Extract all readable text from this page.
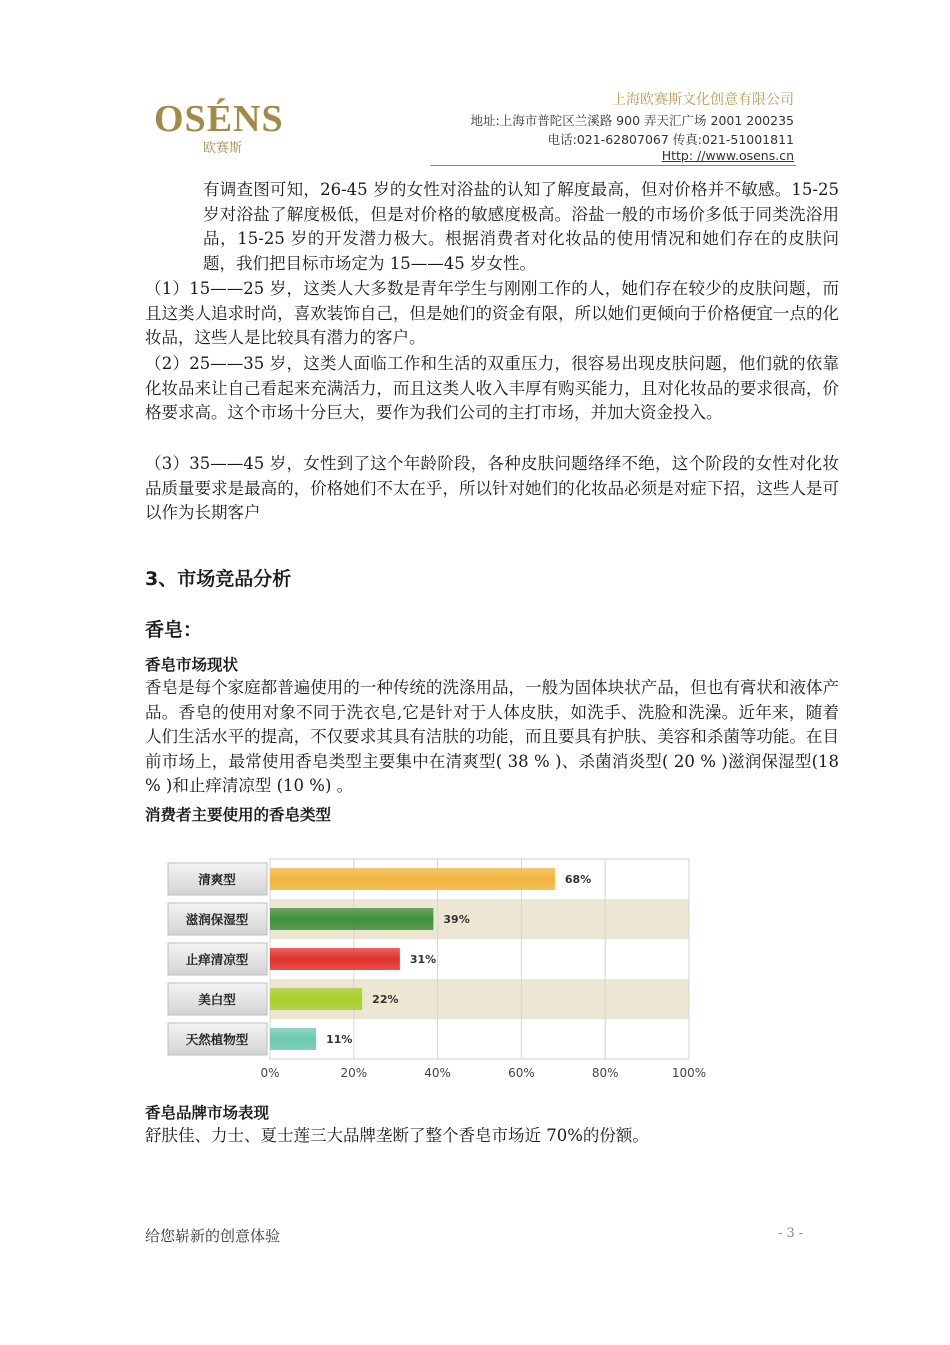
OSÉNS
欧赛斯
上海欧赛斯文化创意有限公司
地址:上海市普陀区兰溪路 900 弄天汇广场 2001 200235
电话:021-62807067 传真:021-51001811
Http: //www.osens.cn
有调查图可知，26-45 岁的女性对浴盐的认知了解度最高，但对价格并不敏感。15-25 岁对浴盐了解度极低，但是对价格的敏感度极高。浴盐一般的市场价多低于同类洗浴用品，15-25 岁的开发潜力极大。根据消费者对化妆品的使用情况和她们存在的皮肤问题，我们把目标市场定为 15——45 岁女性。
（1）15——25 岁，这类人大多数是青年学生与刚刚工作的人，她们存在较少的皮肤问题，而且这类人追求时尚，喜欢装饰自己，但是她们的资金有限，所以她们更倾向于价格便宜一点的化妆品，这些人是比较具有潜力的客户。
（2）25——35 岁，这类人面临工作和生活的双重压力，很容易出现皮肤问题，他们就的依靠化妆品来让自己看起来充满活力，而且这类人收入丰厚有购买能力，且对化妆品的要求很高，价格要求高。这个市场十分巨大，要作为我们公司的主打市场，并加大资金投入。
（3）35——45 岁，女性到了这个年龄阶段，各种皮肤问题络绎不绝，这个阶段的女性对化妆品质量要求是最高的，价格她们不太在乎，所以针对她们的化妆品必须是对症下招，这些人是可以作为长期客户
3、市场竞品分析
香皂：
香皂市场现状
香皂是每个家庭都普遍使用的一种传统的洗涤用品，一般为固体块状产品，但也有膏状和液体产品。香皂的使用对象不同于洗衣皂,它是针对于人体皮肤，如洗手、洗脸和洗澡。近年来，随着人们生活水平的提高，不仅要求其具有洁肤的功能，而且要具有护肤、美容和杀菌等功能。在目前市场上，最常使用香皂类型主要集中在清爽型( 38 % )、杀菌消炎型( 20 % )滋润保湿型(18 % )和止痒清凉型 (10 %) 。
消费者主要使用的香皂类型
68%
39%
31%
22%
11%
清爽型
滋润保湿型
止痒清凉型
美白型
天然植物型
0%	20%	40%	60%	80%	100%
香皂品牌市场表现
舒肤佳、力士、夏士莲三大品牌垄断了整个香皂市场近 70%的份额。
给您崭新的创意体验	- 3 -
